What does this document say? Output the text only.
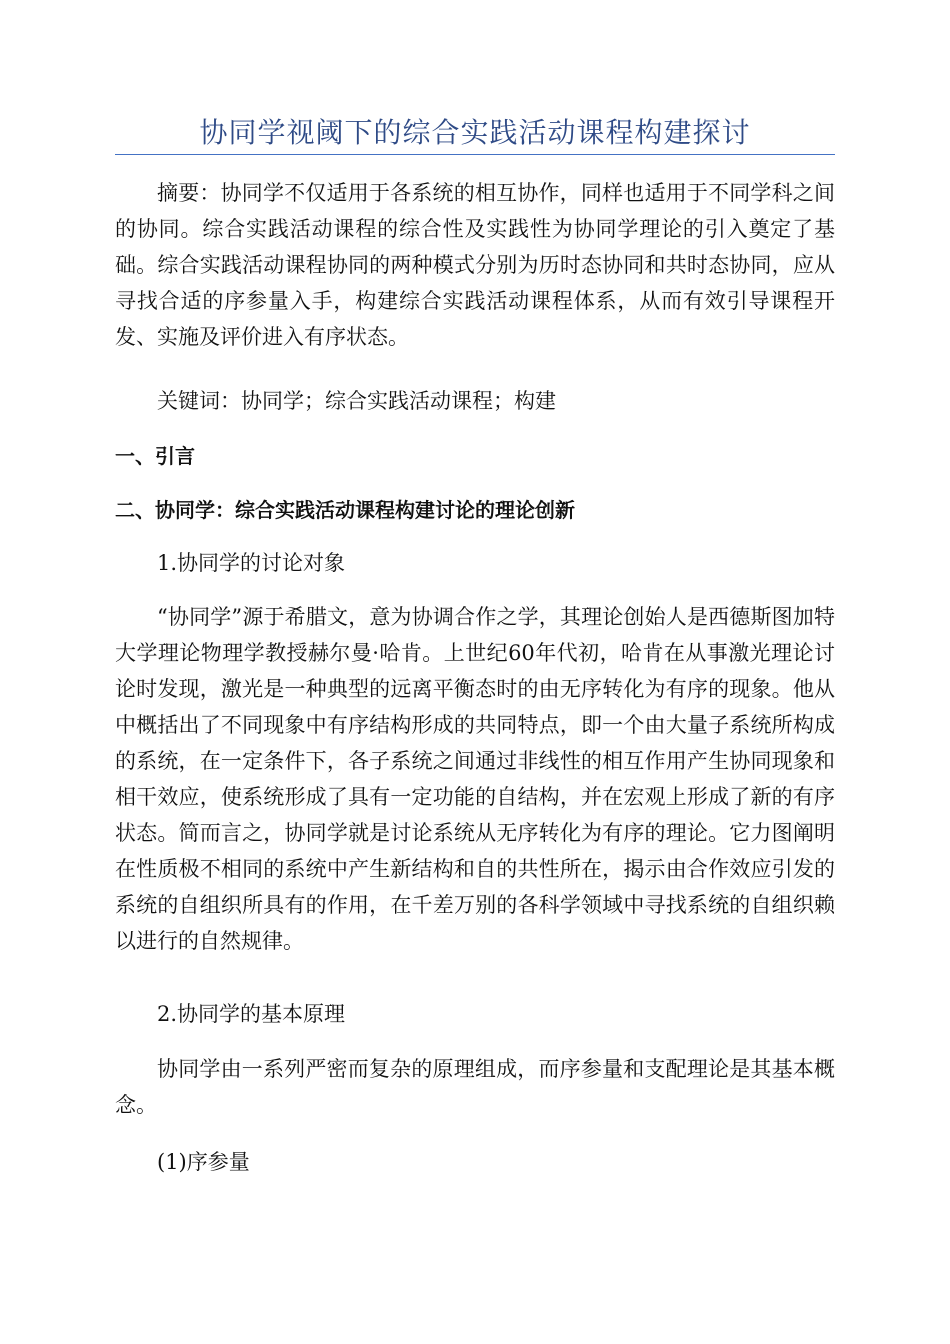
协同学视阈下的综合实践活动课程构建探讨

摘要：协同学不仅适用于各系统的相互协作，同样也适用于不同学科之间的协同。综合实践活动课程的综合性及实践性为协同学理论的引入奠定了基础。综合实践活动课程协同的两种模式分别为历时态协同和共时态协同，应从寻找合适的序参量入手，构建综合实践活动课程体系，从而有效引导课程开发、实施及评价进入有序状态。

关键词：协同学；综合实践活动课程；构建

一、引言

二、协同学：综合实践活动课程构建讨论的理论创新

1.协同学的讨论对象

“协同学”源于希腊文，意为协调合作之学，其理论创始人是西德斯图加特大学理论物理学教授赫尔曼·哈肯。上世纪60年代初，哈肯在从事激光理论讨论时发现，激光是一种典型的远离平衡态时的由无序转化为有序的现象。他从中概括出了不同现象中有序结构形成的共同特点，即一个由大量子系统所构成的系统，在一定条件下，各子系统之间通过非线性的相互作用产生协同现象和相干效应，使系统形成了具有一定功能的自结构，并在宏观上形成了新的有序状态。简而言之，协同学就是讨论系统从无序转化为有序的理论。它力图阐明在性质极不相同的系统中产生新结构和自的共性所在，揭示由合作效应引发的系统的自组织所具有的作用，在千差万别的各科学领域中寻找系统的自组织赖以进行的自然规律。

2.协同学的基本原理

协同学由一系列严密而复杂的原理组成，而序参量和支配理论是其基本概念。

(1)序参量
